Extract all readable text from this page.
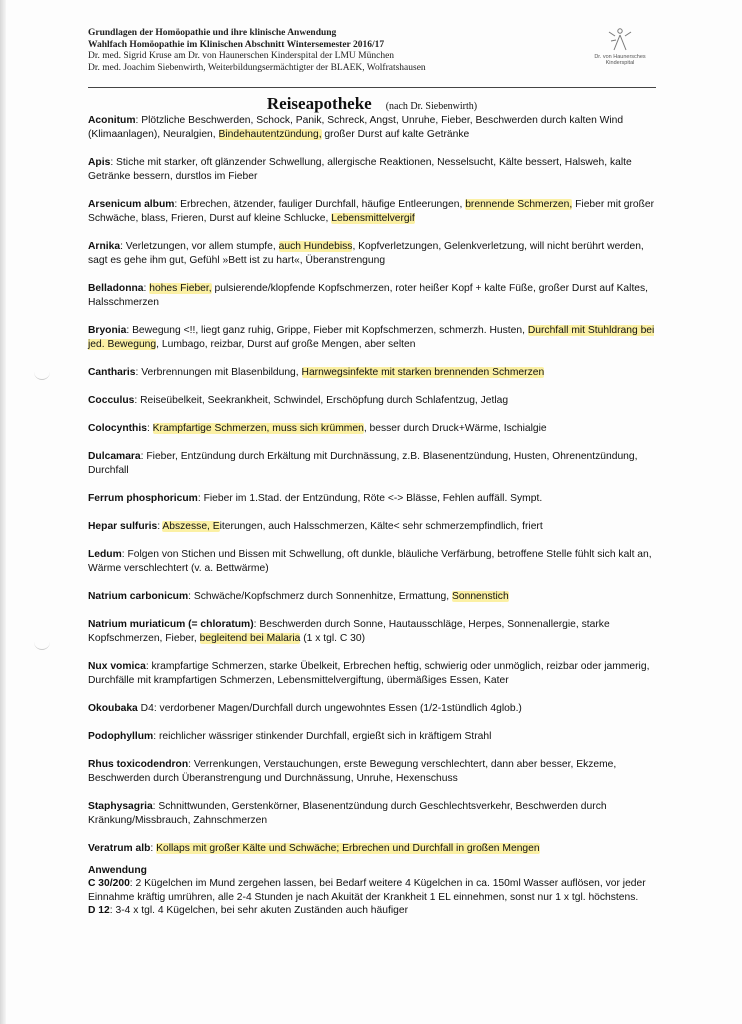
Grundlagen der Homöopathie und ihre klinische Anwendung
Wahlfach Homöopathie im Klinischen Abschnitt Wintersemester 2016/17
Dr. med. Sigrid Kruse am Dr. von Haunerschen Kinderspital der LMU München
Dr. med. Joachim Siebenwirth, Weiterbildungsermächtigter der BLAEK, Wolfratshausen
Dr. von Haunersches
Kinderspital
Reiseapotheke (nach Dr. Siebenwirth)
Aconitum: Plötzliche Beschwerden, Schock, Panik, Schreck, Angst, Unruhe, Fieber, Beschwerden durch kalten Wind (Klimaanlagen), Neuralgien, Bindehautentzündung, großer Durst auf kalte Getränke
Apis: Stiche mit starker, oft glänzender Schwellung, allergische Reaktionen, Nesselsucht, Kälte bessert, Halsweh, kalte Getränke bessern, durstlos im Fieber
Arsenicum album: Erbrechen, ätzender, fauliger Durchfall, häufige Entleerungen, brennende Schmerzen, Fieber mit großer Schwäche, blass, Frieren, Durst auf kleine Schlucke, Lebensmittelvergif
Arnika: Verletzungen, vor allem stumpfe, auch Hundebiss, Kopfverletzungen, Gelenkverletzung, will nicht berührt werden, sagt es gehe ihm gut, Gefühl »Bett ist zu hart«, Überanstrengung
Belladonna: hohes Fieber, pulsierende/klopfende Kopfschmerzen, roter heißer Kopf + kalte Füße, großer Durst auf Kaltes, Halsschmerzen
Bryonia: Bewegung <!!, liegt ganz ruhig, Grippe, Fieber mit Kopfschmerzen, schmerzh. Husten, Durchfall mit Stuhldrang bei jed. Bewegung, Lumbago, reizbar, Durst auf große Mengen, aber selten
Cantharis: Verbrennungen mit Blasenbildung, Harnwegsinfekte mit starken brennenden Schmerzen
Cocculus: Reiseübelkeit, Seekrankheit, Schwindel, Erschöpfung durch Schlafentzug, Jetlag
Colocynthis: Krampfartige Schmerzen, muss sich krümmen, besser durch Druck+Wärme, Ischialgie
Dulcamara: Fieber, Entzündung durch Erkältung mit Durchnässung, z.B. Blasenentzündung, Husten, Ohrenentzündung, Durchfall
Ferrum phosphoricum: Fieber im 1.Stad. der Entzündung, Röte <-> Blässe, Fehlen auffäll. Sympt.
Hepar sulfuris: Abszesse, Eiterungen, auch Halsschmerzen, Kälte< sehr schmerzempfindlich, friert
Ledum: Folgen von Stichen und Bissen mit Schwellung, oft dunkle, bläuliche Verfärbung, betroffene Stelle fühlt sich kalt an, Wärme verschlechtert (v. a. Bettwärme)
Natrium carbonicum: Schwäche/Kopfschmerz durch Sonnenhitze, Ermattung, Sonnenstich
Natrium muriaticum (= chloratum): Beschwerden durch Sonne, Hautausschläge, Herpes, Sonnenallergie, starke Kopfschmerzen, Fieber, begleitend bei Malaria (1 x tgl. C 30)
Nux vomica: krampfartige Schmerzen, starke Übelkeit, Erbrechen heftig, schwierig oder unmöglich, reizbar oder jammerig, Durchfälle mit krampfartigen Schmerzen, Lebensmittelvergiftung, übermäßiges Essen, Kater
Okoubaka D4: verdorbener Magen/Durchfall durch ungewohntes Essen (1/2-1stündlich 4glob.)
Podophyllum: reichlicher wässriger stinkender Durchfall, ergießt sich in kräftigem Strahl
Rhus toxicodendron: Verrenkungen, Verstauchungen, erste Bewegung verschlechtert, dann aber besser, Ekzeme, Beschwerden durch Überanstrengung und Durchnässung, Unruhe, Hexenschuss
Staphysagria: Schnittwunden, Gerstenkörner, Blasenentzündung durch Geschlechtsverkehr, Beschwerden durch Kränkung/Missbrauch, Zahnschmerzen
Veratrum alb: Kollaps mit großer Kälte und Schwäche; Erbrechen und Durchfall in großen Mengen
Anwendung
C 30/200: 2 Kügelchen im Mund zergehen lassen, bei Bedarf weitere 4 Kügelchen in ca. 150ml Wasser auflösen, vor jeder Einnahme kräftig umrühren, alle 2-4 Stunden je nach Akuität der Krankheit 1 EL einnehmen, sonst nur 1 x tgl. höchstens.
D 12: 3-4 x tgl. 4 Kügelchen, bei sehr akuten Zuständen auch häufiger
